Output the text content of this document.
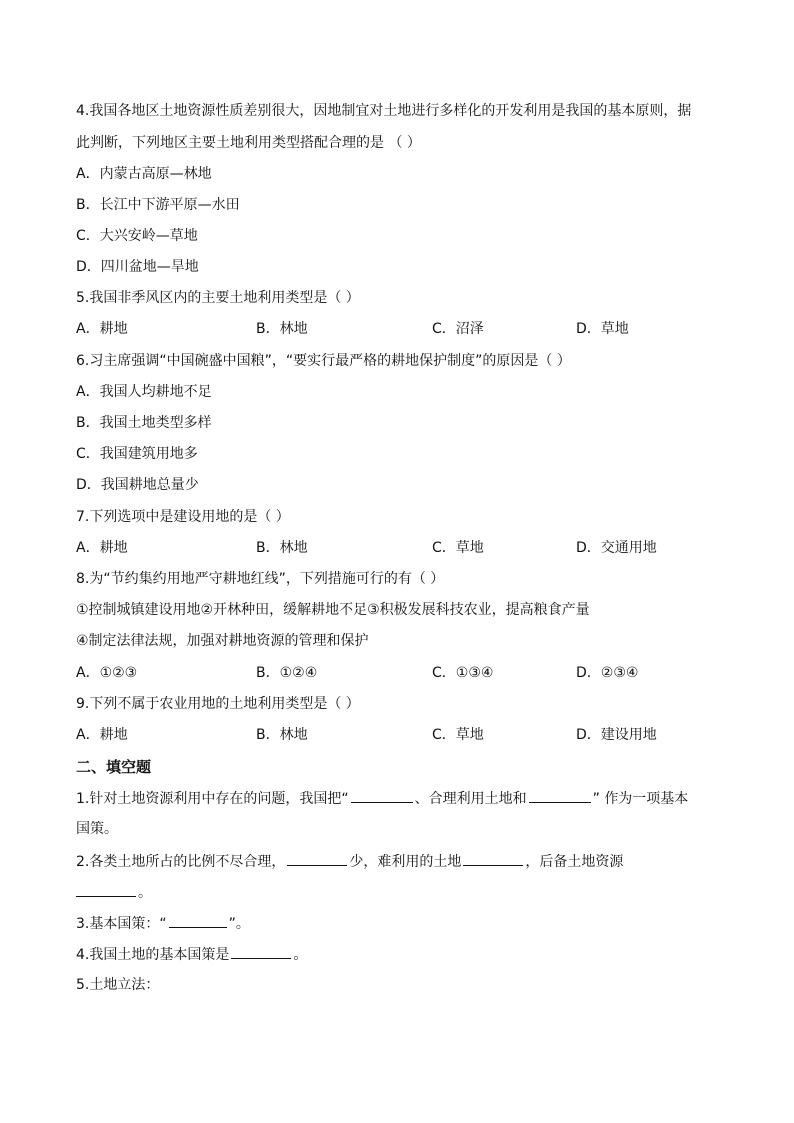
4.我国各地区土地资源性质差别很大，因地制宜对土地进行多样化的开发利用是我国的基本原则，据
此判断，下列地区主要土地利用类型搭配合理的是 （ ）
A．内蒙古高原—林地
B．长江中下游平原—水田
C．大兴安岭—草地
D．四川盆地—旱地
5.我国非季风区内的主要土地利用类型是（ ）
A．耕地	B．林地	C．沼泽	D．草地
6.习主席强调“中国碗盛中国粮”，“要实行最严格的耕地保护制度”的原因是（ ）
A．我国人均耕地不足
B．我国土地类型多样
C．我国建筑用地多
D．我国耕地总量少
7.下列选项中是建设用地的是（ ）
A．耕地	B．林地	C．草地	D．交通用地
8.为“节约集约用地严守耕地红线”，下列措施可行的有（ ）
①控制城镇建设用地②开林种田，缓解耕地不足③积极发展科技农业，提高粮食产量
④制定法律法规，加强对耕地资源的管理和保护
A．①②③	B．①②④	C．①③④	D．②③④
9.下列不属于农业用地的土地利用类型是（ ）
A．耕地	B．林地	C．草地	D．建设用地
二、填空题
1.针对土地资源利用中存在的问题，我国把“	、合理利用土地和	” 作为一项基本
国策。
2.各类土地所占的比例不尽合理，	少，难利用的土地	，后备土地资源
。
3.基本国策：“	”。
4.我国土地的基本国策是	。
5.土地立法：
